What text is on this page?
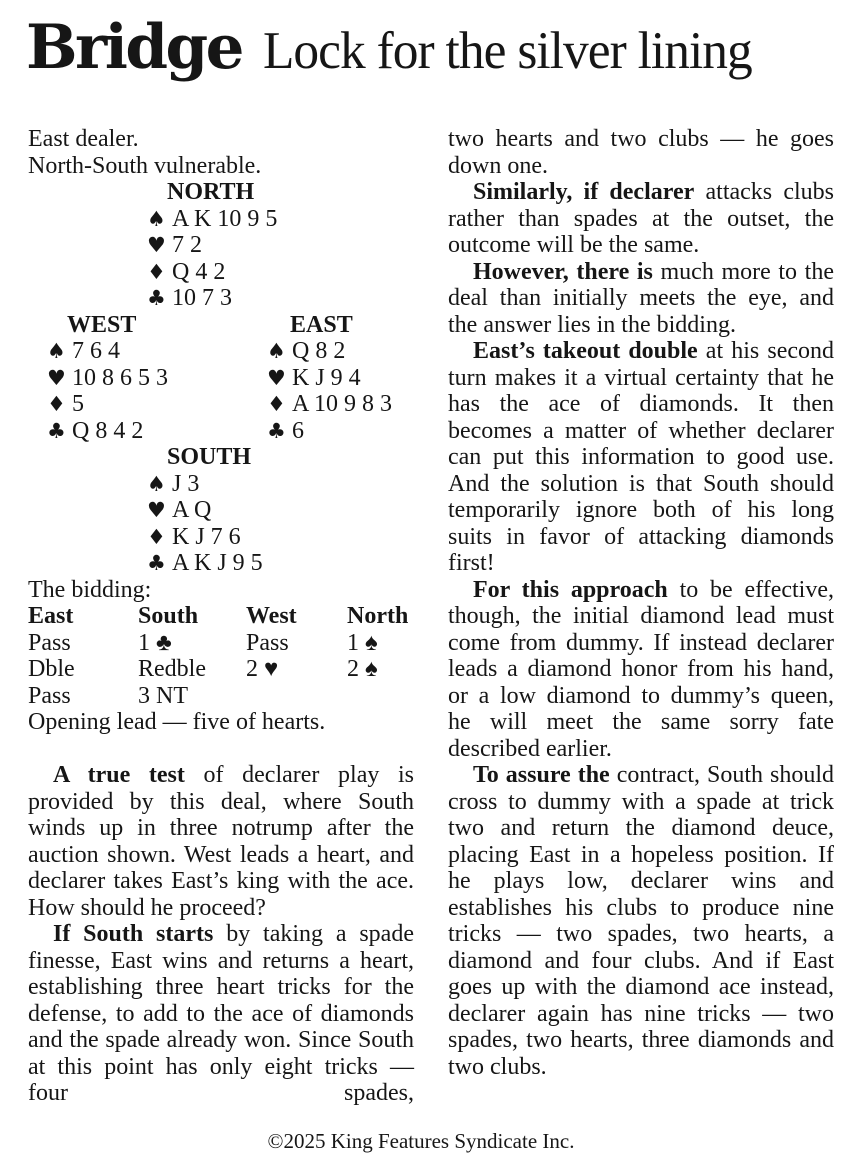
Bridge Lock for the silver lining
East dealer.
North-South vulnerable.
NORTH
♠ A K 10 9 5
♥ 7 2
♦ Q 4 2
♣ 10 7 3
WEST
♠ 7 6 4
♥ 10 8 6 5 3
♦ 5
♣ Q 8 4 2
EAST
♠ Q 8 2
♥ K J 9 4
♦ A 10 9 8 3
♣ 6
SOUTH
♠ J 3
♥ A Q
♦ K J 7 6
♣ A K J 9 5
The bidding:
East	South	West	North
Pass	1 ♣	Pass	1 ♠
Dble	Redble	2 ♥	2 ♠
Pass	3 NT
Opening lead — five of hearts.

A true test of declarer play is provided by this deal, where South winds up in three notrump after the auction shown. West leads a heart, and declarer takes East’s king with the ace. How should he proceed?

If South starts by taking a spade finesse, East wins and returns a heart, establishing three heart tricks for the defense, to add to the ace of diamonds and the spade already won. Since South at this point has only eight tricks — four spades,

two hearts and two clubs — he goes down one.

Similarly, if declarer attacks clubs rather than spades at the outset, the outcome will be the same.

However, there is much more to the deal than initially meets the eye, and the answer lies in the bidding.

East’s takeout double at his second turn makes it a virtual certainty that he has the ace of diamonds. It then becomes a matter of whether declarer can put this information to good use. And the solution is that South should temporarily ignore both of his long suits in favor of attacking diamonds first!

For this approach to be effective, though, the initial diamond lead must come from dummy. If instead declarer leads a diamond honor from his hand, or a low diamond to dummy’s queen, he will meet the same sorry fate described earlier.

To assure the contract, South should cross to dummy with a spade at trick two and return the diamond deuce, placing East in a hopeless position. If he plays low, declarer wins and establishes his clubs to produce nine tricks — two spades, two hearts, a diamond and four clubs. And if East goes up with the diamond ace instead, declarer again has nine tricks — two spades, two hearts, three diamonds and two clubs.

©2025 King Features Syndicate Inc.
